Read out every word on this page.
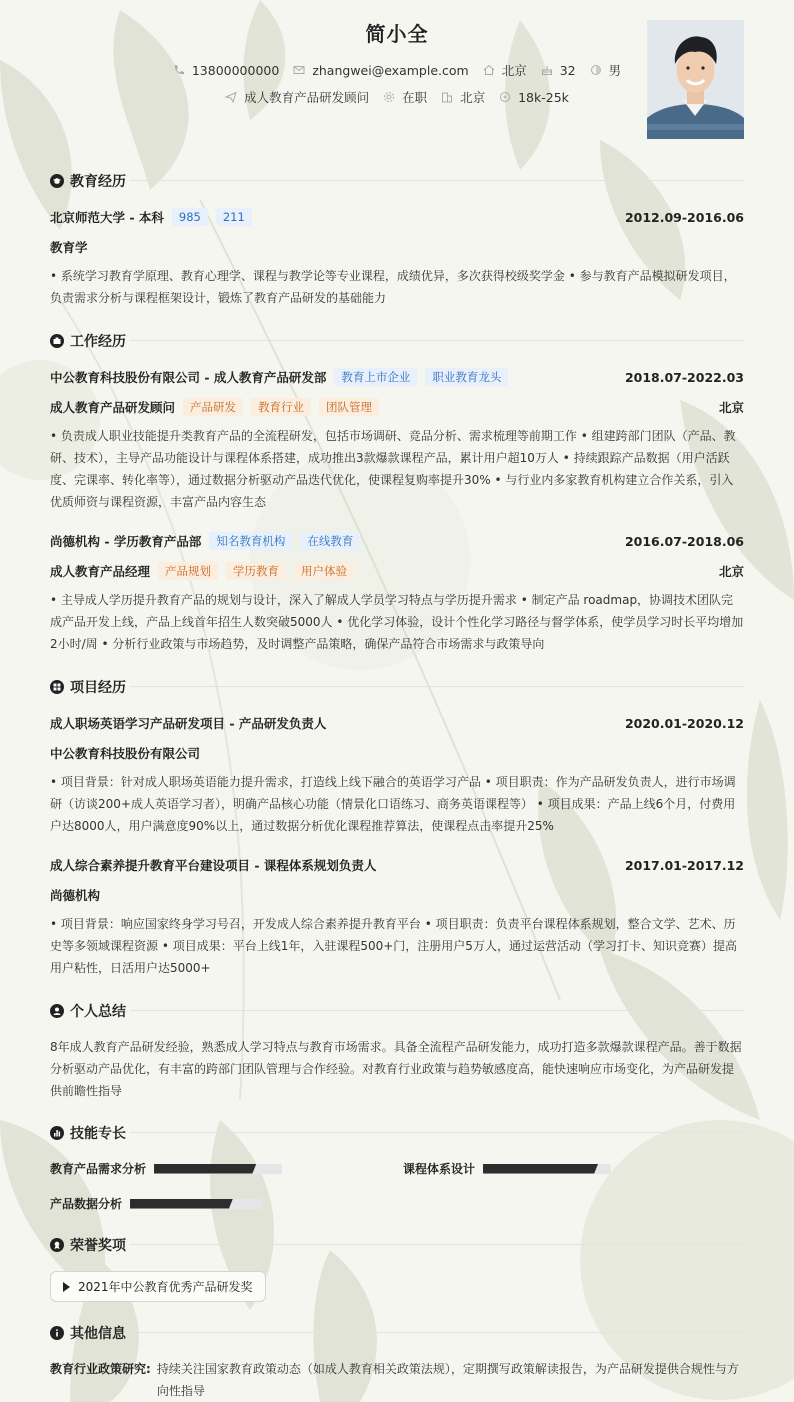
简小全
13800000000	zhangwei@example.com	北京	32	男
成人教育产品研发顾问	在职	北京	18k-25k
教育经历
北京师范大学 - 本科	985	211	2012.09-2016.06
教育学
• 系统学习教育学原理、教育心理学、课程与教学论等专业课程，成绩优异，多次获得校级奖学金 • 参与教育产品模拟研发项目，负责需求分析与课程框架设计，锻炼了教育产品研发的基础能力
工作经历
中公教育科技股份有限公司 - 成人教育产品研发部	教育上市企业	职业教育龙头	2018.07-2022.03
成人教育产品研发顾问	产品研发	教育行业	团队管理	北京
• 负责成人职业技能提升类教育产品的全流程研发，包括市场调研、竞品分析、需求梳理等前期工作 • 组建跨部门团队（产品、教研、技术），主导产品功能设计与课程体系搭建，成功推出3款爆款课程产品，累计用户超10万人 • 持续跟踪产品数据（用户活跃度、完课率、转化率等），通过数据分析驱动产品迭代优化，使课程复购率提升30% • 与行业内多家教育机构建立合作关系，引入优质师资与课程资源，丰富产品内容生态
尚德机构 - 学历教育产品部	知名教育机构	在线教育	2016.07-2018.06
成人教育产品经理	产品规划	学历教育	用户体验	北京
• 主导成人学历提升教育产品的规划与设计，深入了解成人学员学习特点与学历提升需求 • 制定产品 roadmap，协调技术团队完成产品开发上线，产品上线首年招生人数突破5000人 • 优化学习体验，设计个性化学习路径与督学体系，使学员学习时长平均增加2小时/周 • 分析行业政策与市场趋势，及时调整产品策略，确保产品符合市场需求与政策导向
项目经历
成人职场英语学习产品研发项目 - 产品研发负责人	2020.01-2020.12
中公教育科技股份有限公司
• 项目背景：针对成人职场英语能力提升需求，打造线上线下融合的英语学习产品 • 项目职责：作为产品研发负责人，进行市场调研（访谈200+成人英语学习者），明确产品核心功能（情景化口语练习、商务英语课程等） • 项目成果：产品上线6个月，付费用户达8000人，用户满意度90%以上，通过数据分析优化课程推荐算法，使课程点击率提升25%
成人综合素养提升教育平台建设项目 - 课程体系规划负责人	2017.01-2017.12
尚德机构
• 项目背景：响应国家终身学习号召，开发成人综合素养提升教育平台 • 项目职责：负责平台课程体系规划，整合文学、艺术、历史等多领域课程资源 • 项目成果：平台上线1年，入驻课程500+门，注册用户5万人，通过运营活动（学习打卡、知识竞赛）提高用户粘性，日活用户达5000+
个人总结
8年成人教育产品研发经验，熟悉成人学习特点与教育市场需求。具备全流程产品研发能力，成功打造多款爆款课程产品。善于数据分析驱动产品优化，有丰富的跨部门团队管理与合作经验。对教育行业政策与趋势敏感度高，能快速响应市场变化，为产品研发提供前瞻性指导
技能专长
教育产品需求分析	课程体系设计
产品数据分析
荣誉奖项
2021年中公教育优秀产品研发奖
其他信息
教育行业政策研究: 持续关注国家教育政策动态（如成人教育相关政策法规），定期撰写政策解读报告，为产品研发提供合规性与方向性指导
